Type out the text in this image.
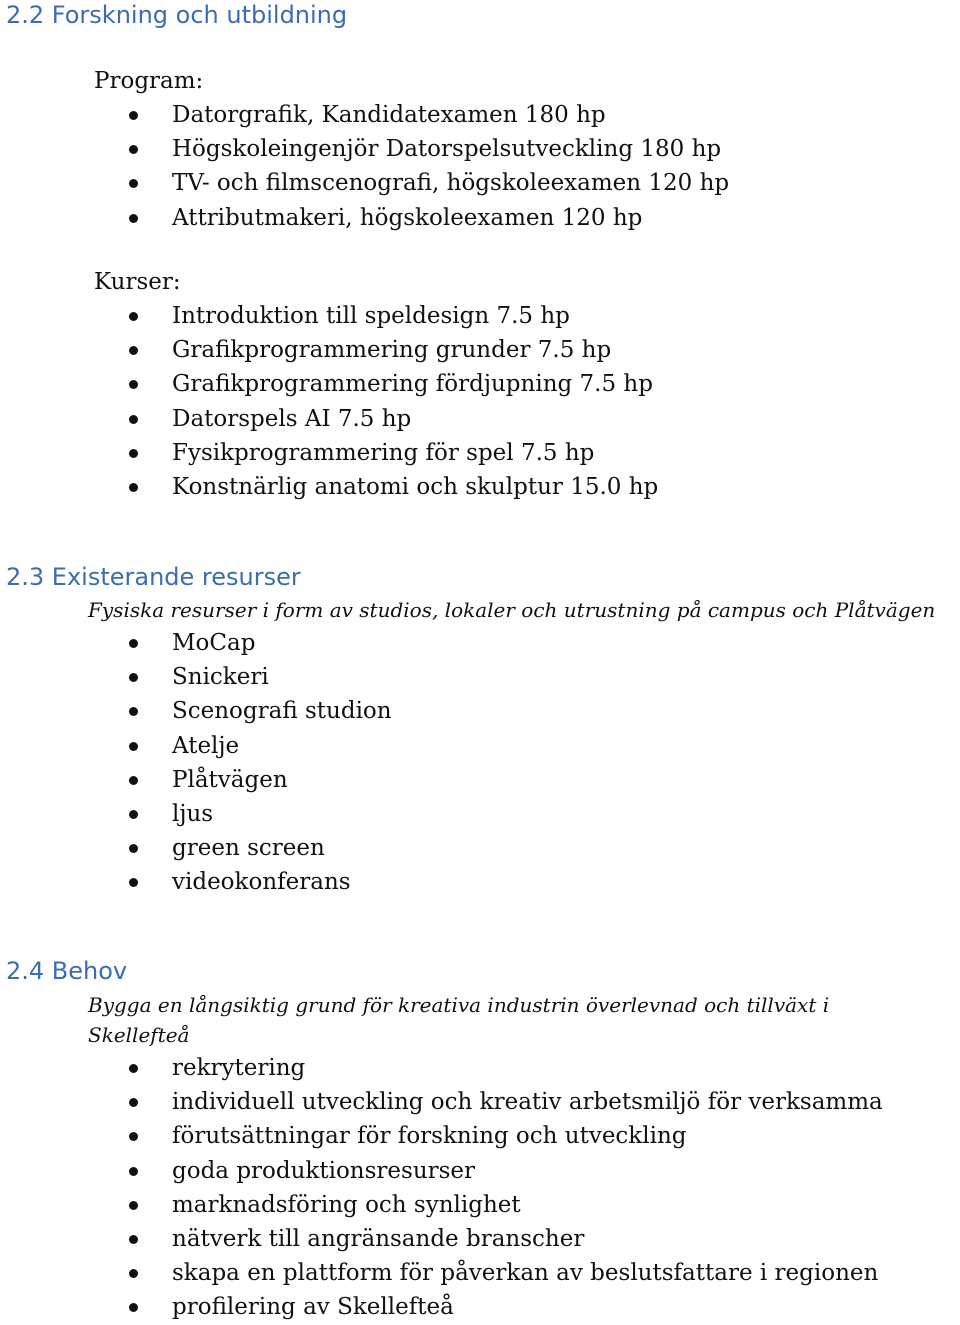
2.2 Forskning och utbildning

Program:

Datorgrafik, Kandidatexamen 180 hp
Högskoleingenjör Datorspelsutveckling 180 hp
TV- och filmscenografi, högskoleexamen 120 hp
Attributmakeri, högskoleexamen 120 hp

Kurser:

Introduktion till speldesign 7.5 hp
Grafikprogrammering grunder 7.5 hp
Grafikprogrammering fördjupning 7.5 hp
Datorspels AI 7.5 hp
Fysikprogrammering för spel 7.5 hp
Konstnärlig anatomi och skulptur 15.0 hp
2.3 Existerande resurser

Fysiska resurser i form av studios, lokaler och utrustning på campus och Plåtvägen

MoCap
Snickeri
Scenografi studion
Atelje
Plåtvägen
ljus
green screen
videokonferans
2.4 Behov

Bygga en långsiktig grund för kreativa industrin överlevnad och tillväxt i Skellefteå

rekrytering
individuell utveckling och kreativ arbetsmiljö för verksamma
förutsättningar för forskning och utveckling
goda produktionsresurser
marknadsföring och synlighet
nätverk till angränsande branscher
skapa en plattform för påverkan av beslutsfattare i regionen
profilering av Skellefteå
